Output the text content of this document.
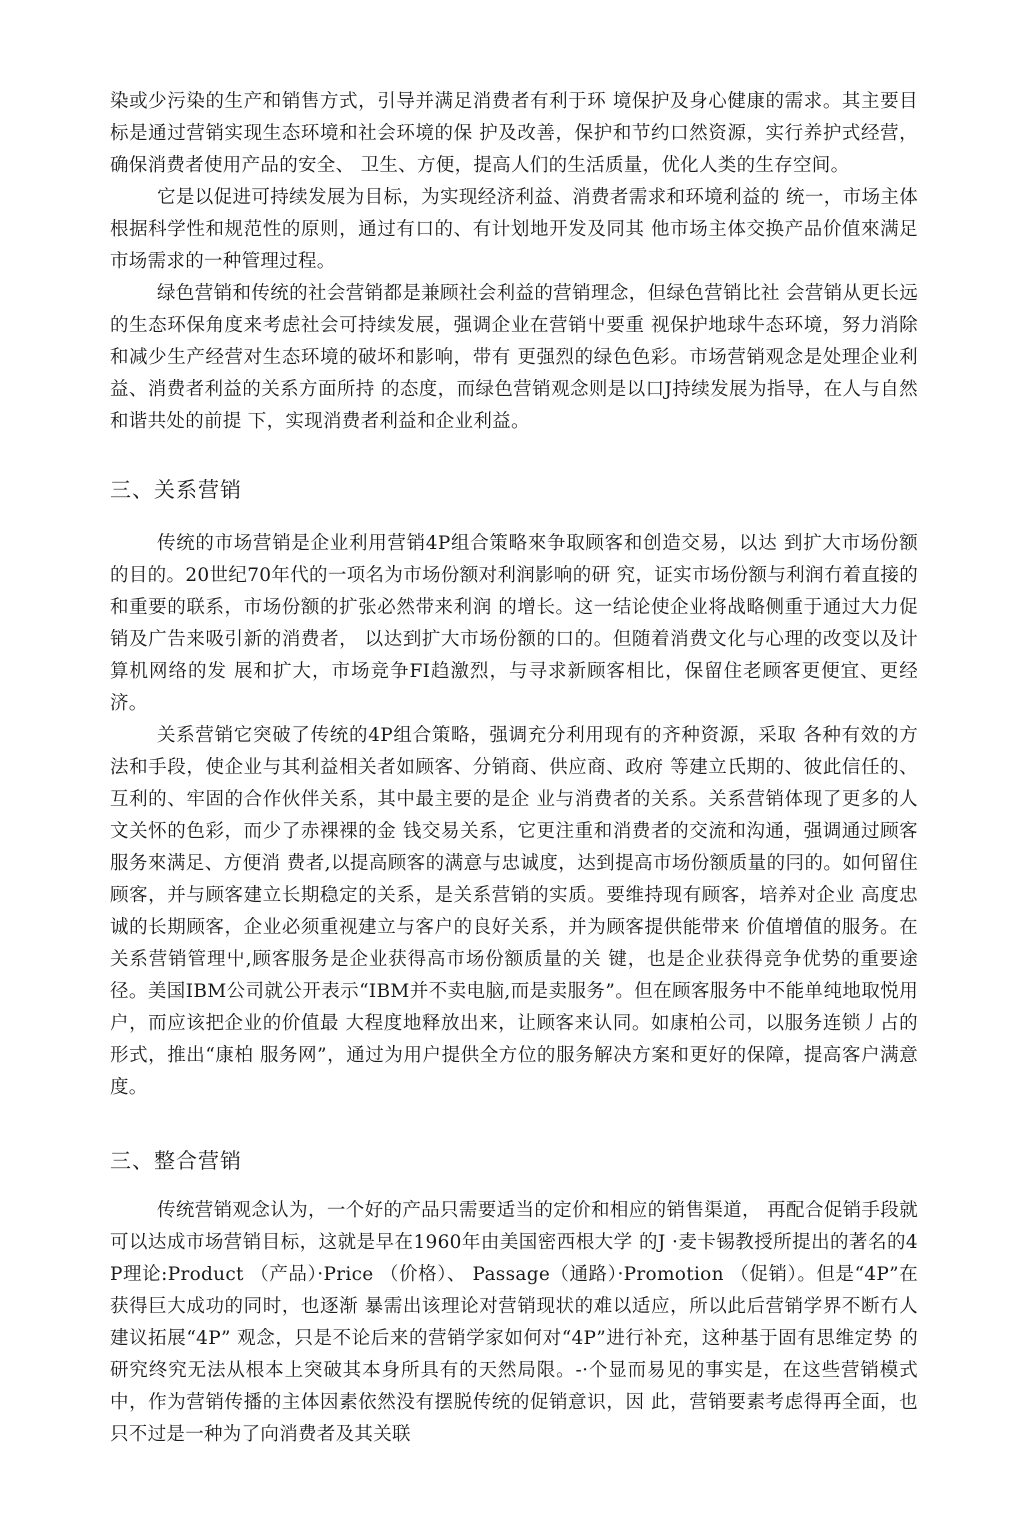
染或少污染的生产和销售方式，引导并满足消费者有利于环 境保护及身心健康的需求。其主要目标是通过营销实现生态环境和社会环境的保 护及改善，保护和节约口然资源，实行养护式经营，确保消费者使用产品的安全、 卫生、方便，提高人们的生活质量，优化人类的生存空间。

它是以促进可持续发展为目标，为实现经济利益、消费者需求和环境利益的 统一，市场主体根据科学性和规范性的原则，通过有口的、有计划地开发及同其 他市场主体交换产品价值來满足市场需求的一种管理过程。

绿色营销和传统的社会营销都是兼顾社会利益的营销理念，但绿色营销比社 会营销从更长远的生态环保角度来考虑社会可持续发展，强调企业在营销屮要重 视保护地球牛态环境，努力消除和减少生产经营对生态环境的破坏和影响，带有 更强烈的绿色色彩。市场营销观念是处理企业利益、消费者利益的关系方面所持 的态度，而绿色营销观念则是以口J持续发展为指导，在人与自然和谐共处的前提 下，实现消费者利益和企业利益。

三、关系营销

传统的市场营销是企业利用营销4P组合策略來争取顾客和创造交易，以达 到扩大市场份额的目的。20世纪70年代的一项名为市场份额对利润影响的研 究，证实市场份额与利润冇着直接的和重要的联系，市场份额的扩张必然带来利润 的增长。这一结论使企业将战略侧重于通过大力促销及广告来吸引新的消费者， 以达到扩大市场份额的口的。但随着消费文化与心理的改变以及计算机网络的发 展和扩大，市场竞争FI趋激烈，与寻求新顾客相比，保留住老顾客更便宜、更经济。

关系营销它突破了传统的4P组合策略，强调充分利用现有的齐种资源，采取 各种有效的方法和手段，使企业与其利益相关者如顾客、分销商、供应商、政府 等建立氏期的、彼此信任的、互利的、牢固的合作伙伴关系，其中最主要的是企 业与消费者的关系。关系营销体现了更多的人文关怀的色彩，而少了赤裸裸的金 钱交易关系，它更注重和消费者的交流和沟通，强调通过顾客服务來满足、方便消 费者,以提高顾客的满意与忠诚度，达到提高市场份额质量的冃的。如何留住顾客，并与顾客建立长期稳定的关系，是关系营销的实质。要维持现有顾客，培养对企业 高度忠诚的长期顾客，企业必须重视建立与客户的良好关系，并为顾客提供能带来 价值增值的服务。在关系营销管理屮,顾客服务是企业获得高市场份额质量的关 键，也是企业获得竞争优势的重要途径。美国IBM公司就公开表示“IBM并不卖电脑,而是卖服务”。但在顾客服务中不能单纯地取悦用户，而应该把企业的价值最 大程度地释放出来，让顾客来认同。如康柏公司，以服务连锁丿占的形式，推出“康柏 服务网”，通过为用户提供全方位的服务解决方案和更好的保障，提高客户满意度。

三、整合营销

传统营销观念认为，一个好的产品只需要适当的定价和相应的销售渠道， 再配合促销手段就可以达成市场营销目标，这就是早在1960年由美国密西根大学 的J ·麦卡锡教授所提出的著名的4P理论:Product （产品）·Price （价格）、 Passage（通路）·Promotion （促销）。但是“4P”在获得巨大成功的同时，也逐渐 暴需出该理论对营销现状的难以适应，所以此后营销学界不断冇人建议拓展“4P” 观念，只是不论后来的营销学家如何对“4P”进行补充，这种基于固有思维定势 的研究终究无法从根本上突破其本身所具有的天然局限。-·个显而易见的事实是，在这些营销模式中，作为营销传播的主体因素依然没有摆脱传统的促销意识，因 此，营销要素考虑得再全面，也只不过是一种为了向消费者及其关联
